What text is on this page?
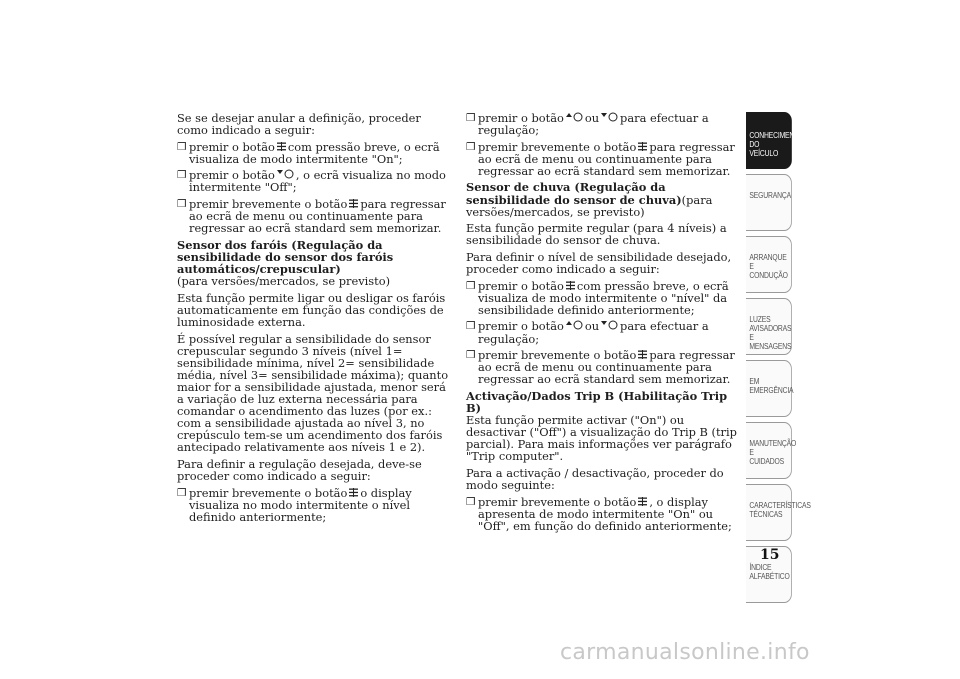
Se se desejar anular a definição, proceder como indicado a seguir:

❒ premir o botão com pressão breve, o ecrã visualiza de modo intermitente "On";

❒ premir o botão , o ecrã visualiza no modo intermitente "Off";

❒ premir brevemente o botão para regressar ao ecrã de menu ou continuamente para regressar ao ecrã standard sem memorizar.

Sensor dos faróis (Regulação da sensibilidade do sensor dos faróis automáticos/crepuscular)

(para versões/mercados, se previsto)

Esta função permite ligar ou desligar os faróis automaticamente em função das condições de luminosidade externa.

É possível regular a sensibilidade do sensor crepuscular segundo 3 níveis (nível 1= sensibilidade mínima, nível 2= sensibilidade média, nível 3= sensibilidade máxima); quanto maior for a sensibilidade ajustada, menor será a variação de luz externa necessária para comandar o acendimento das luzes (por ex.: com a sensibilidade ajustada ao nível 3, no crepúsculo tem-se um acendimento dos faróis antecipado relativamente aos níveis 1 e 2).

Para definir a regulação desejada, deve-se proceder como indicado a seguir:

❒ premir brevemente o botão o display visualiza no modo intermitente o nível definido anteriormente;

❒ premir o botão ou para efectuar a regulação;

❒ premir brevemente o botão para regressar ao ecrã de menu ou continuamente para regressar ao ecrã standard sem memorizar.

Sensor de chuva (Regulação da sensibilidade do sensor de chuva)(para versões/mercados, se previsto)

Esta função permite regular (para 4 níveis) a sensibilidade do sensor de chuva.

Para definir o nível de sensibilidade desejado, proceder como indicado a seguir:

❒ premir o botão com pressão breve, o ecrã visualiza de modo intermitente o "nível" da sensibilidade definido anteriormente;

❒ premir o botão ou para efectuar a regulação;

❒ premir brevemente o botão para regressar ao ecrã de menu ou continuamente para regressar ao ecrã standard sem memorizar.

Activação/Dados Trip B (Habilitação Trip B)

Esta função permite activar ("On") ou desactivar ("Off") a visualização do Trip B (trip parcial). Para mais informações ver parágrafo "Trip computer".

Para a activação / desactivação, proceder do modo seguinte:

❒ premir brevemente o botão , o display apresenta de modo intermitente "On" ou "Off", em função do definido anteriormente;

CONHECIMENTO DO VEÍCULO
SEGURANÇA
ARRANQUE E CONDUÇÃO
LUZES AVISADORAS E MENSAGENS
EM EMERGÊNCIA
MANUTENÇÃO E CUIDADOS
CARACTERÍSTICAS TÉCNICAS
ÍNDICE ALFABÉTICO
15
carmanualsonline.info
